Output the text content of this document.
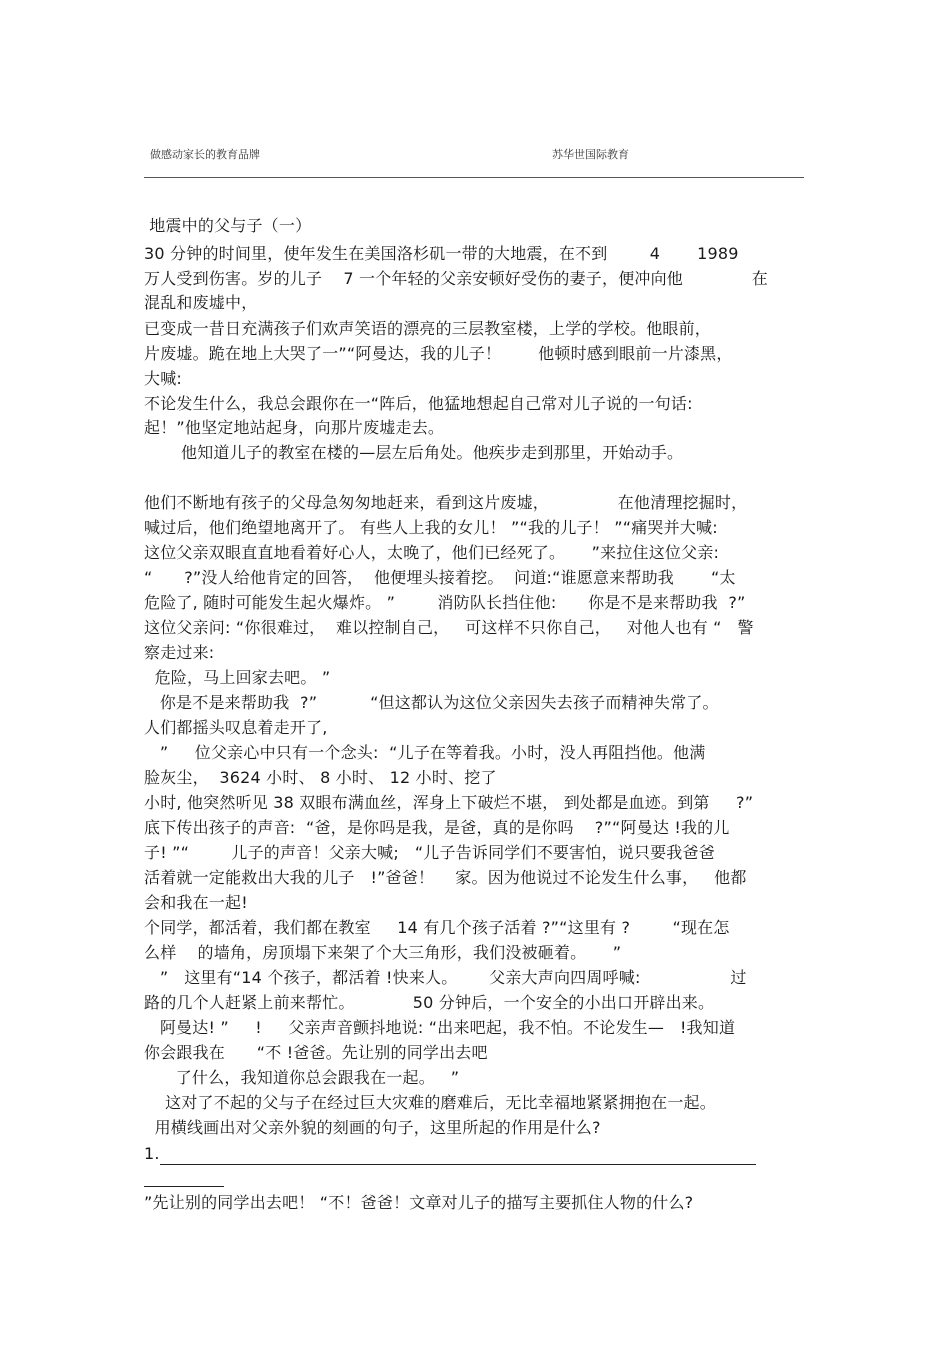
做感动家长的教育品牌	苏华世国际教育
地震中的父与子（一）
30 分钟的时间里，使年发生在美国洛杉矶一带的大地震，在不到        4       1989
万人受到伤害。岁的儿子    7 一个年轻的父亲安顿好受伤的妻子，便冲向他             在
混乱和废墟中，
已变成一昔日充满孩子们欢声笑语的漂亮的三层教室楼，上学的学校。他眼前，
片废墟。跪在地上大哭了一”“阿曼达，我的儿子！       他顿时感到眼前一片漆黑，
大喊:
不论发生什么，我总会跟你在一“阵后，他猛地想起自己常对儿子说的一句话:
起！”他坚定地站起身，向那片废墟走去。
他知道儿子的教室在楼的—层左后角处。他疾步走到那里，开始动手。
他们不断地有孩子的父母急匆匆地赶来，看到这片废墟，             在他清理挖掘时，
喊过后，他们绝望地离开了。 有些人上我的女儿！ ”“我的儿子！ ”“痛哭并大喊:
这位父亲双眼直直地看着好心人，太晚了，他们已经死了。     ”来拉住这位父亲:
“      ?”没人给他肯定的回答，  他便埋头接着挖。  问道:“谁愿意来帮助我       “太
危险了, 随时可能发生起火爆炸。 ”        消防队长挡住他:      你是不是来帮助我  ?”
这位父亲问: “你很难过，  难以控制自己，   可这样不只你自己，   对他人也有 “   警
察走过来:
危险，马上回家去吧。 ”
你是不是来帮助我  ?”          “但这都认为这位父亲因失去孩子而精神失常了。
人们都摇头叹息着走开了,
”     位父亲心中只有一个念头:  “儿子在等着我。小时，没人再阻挡他。他满
脸灰尘，  3624 小时、 8 小时、 12 小时、挖了
小时, 他突然听见 38 双眼布满血丝，浑身上下破烂不堪， 到处都是血迹。到第     ?”
底下传出孩子的声音:  “爸，是你吗是我，是爸，真的是你吗    ?”“阿曼达 !我的儿
子! ”“        儿子的声音！父亲大喊;   “儿子告诉同学们不要害怕，说只要我爸爸
活着就一定能救出大我的儿子   !”爸爸！    家。因为他说过不论发生什么事，   他都
会和我在一起!
个同学，都活着，我们都在教室     14 有几个孩子活着 ?”“这里有 ?        “现在怎
么样    的墙角，房顶塌下来架了个大三角形，我们没被砸着。     ”
”   这里有“14 个孩子，都活着 !快来人。      父亲大声向四周呼喊:                 过
路的几个人赶紧上前来帮忙。           50 分钟后，一个安全的小出口开辟出来。
阿曼达! ”     !     父亲声音颤抖地说: “出来吧起，我不怕。不论发生—   !我知道
你会跟我在      “不 !爸爸。先让别的同学出去吧
了什么，我知道你总会跟我在一起。   ”
这对了不起的父与子在经过巨大灾难的磨难后，无比幸福地紧紧拥抱在一起。
用横线画出对父亲外貌的刻画的句子，这里所起的作用是什么?
1.
”先让别的同学出去吧！ “不！爸爸！文章对儿子的描写主要抓住人物的什么?
